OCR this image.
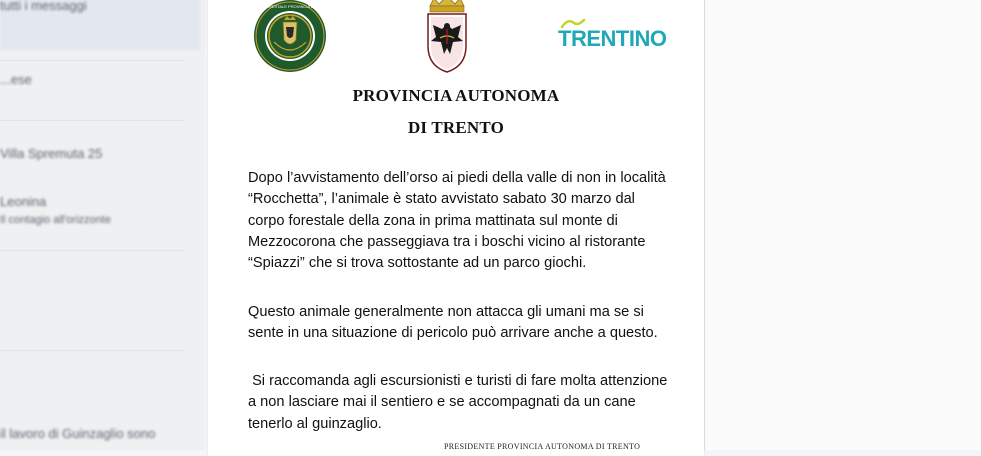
tutti i messaggi
...ese
Villa Spremuta 25
Leonina
Il contagio all'orizzonte
il lavoro di Guinzaglio sono
CORPO FORESTALE PROVINCIA DI TRENTO
TRENTINO
PROVINCIA AUTONOMA
DI TRENTO
Dopo l’avvistamento dell’orso ai piedi della valle di non in località “Rocchetta”, l’animale è stato avvistato sabato 30 marzo dal corpo forestale della zona in prima mattinata sul monte di Mezzocorona che passeggiava tra i boschi vicino al ristorante “Spiazzi” che si trova sottostante ad un parco giochi.
Questo animale generalmente non attacca gli umani ma se si sente in una situazione di pericolo può arrivare anche a questo.
Si raccomanda agli escursionisti e turisti di fare molta attenzione a non lasciare mai il sentiero e se accompagnati da un cane tenerlo al guinzaglio.
PRESIDENTE PROVINCIA AUTONOMA DI TRENTO
